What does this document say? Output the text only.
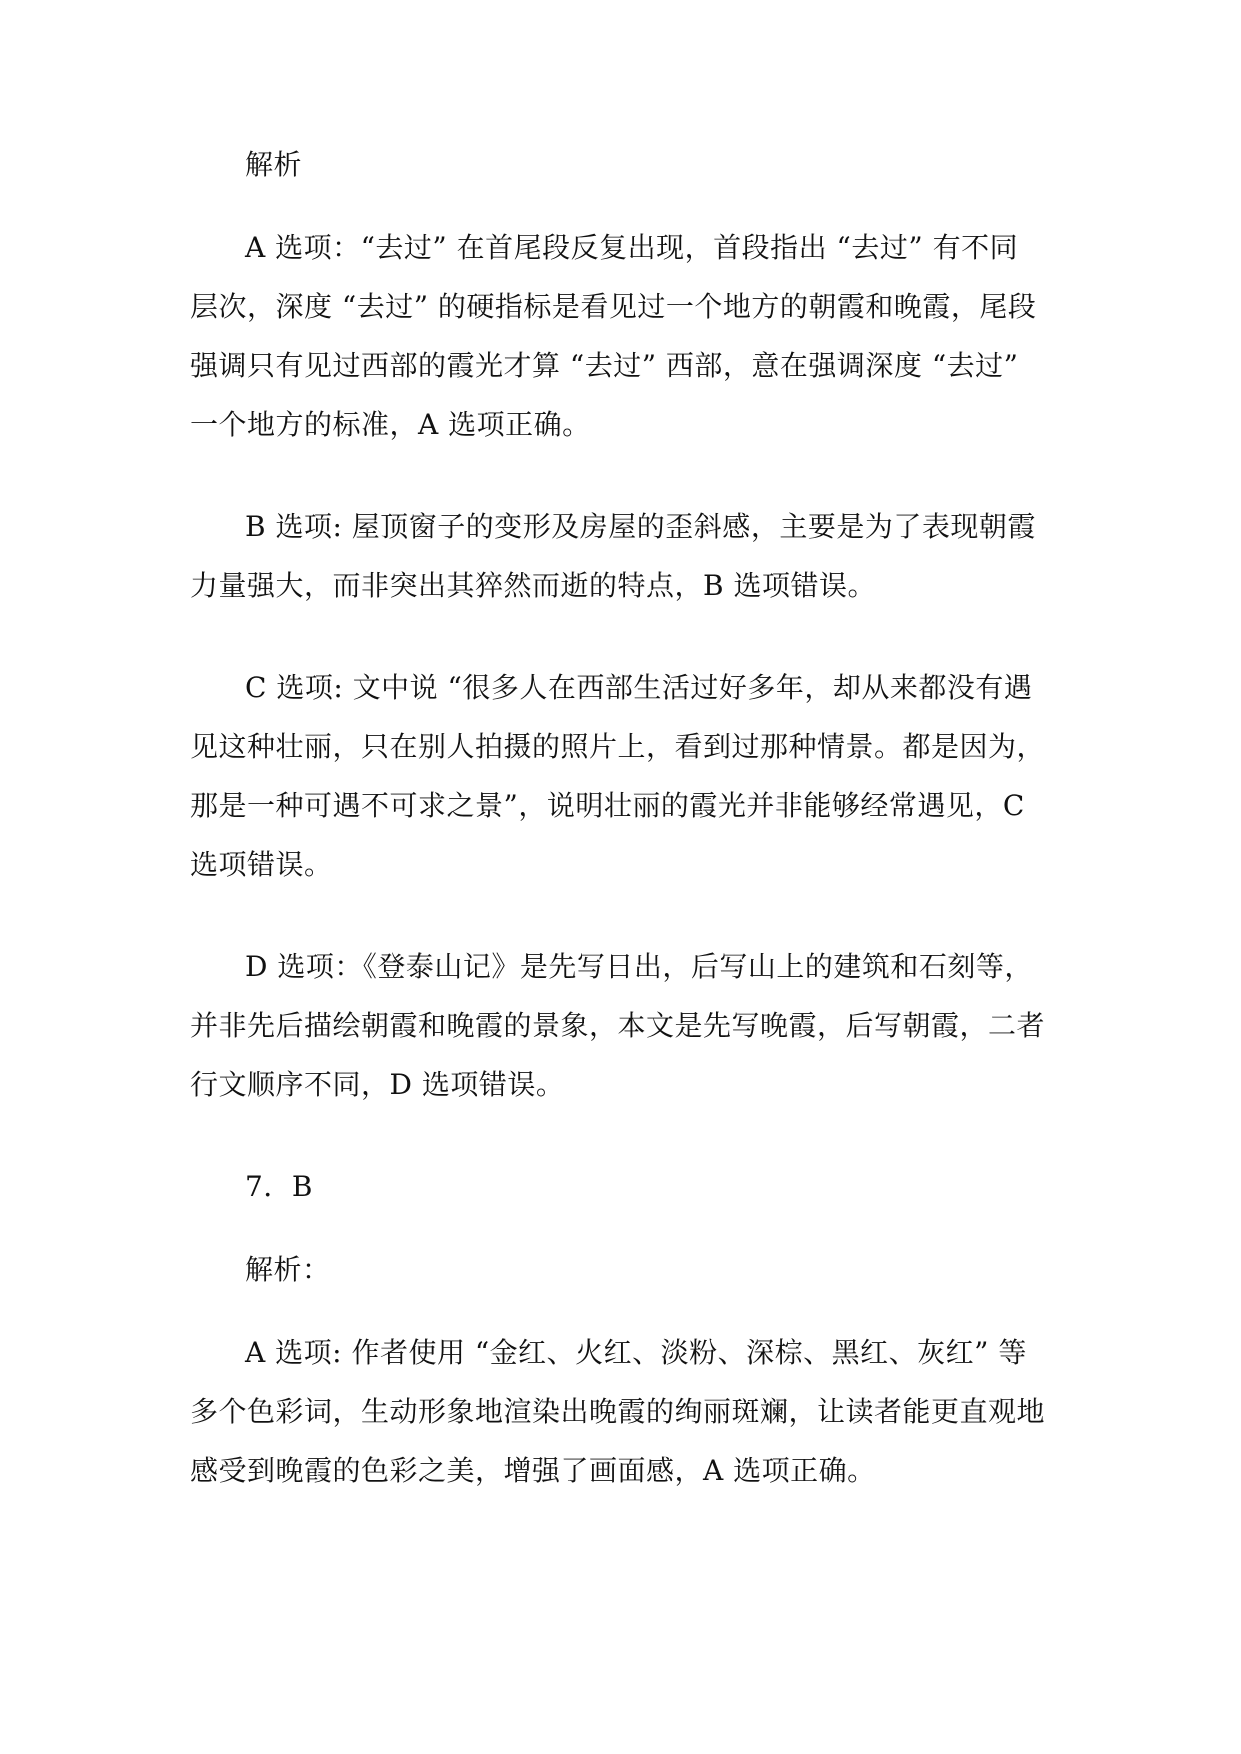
解析
A 选项：“去过” 在首尾段反复出现，首段指出 “去过” 有不同
层次，深度 “去过” 的硬指标是看见过一个地方的朝霞和晚霞，尾段
强调只有见过西部的霞光才算 “去过” 西部，意在强调深度 “去过”
一个地方的标准，A 选项正确。
B 选项: 屋顶窗子的变形及房屋的歪斜感，主要是为了表现朝霞
力量强大，而非突出其猝然而逝的特点，B 选项错误。
C 选项: 文中说 “很多人在西部生活过好多年，却从来都没有遇
见这种壮丽，只在别人拍摄的照片上，看到过那种情景。都是因为，
那是一种可遇不可求之景”，说明壮丽的霞光并非能够经常遇见，C
选项错误。
D 选项：《登泰山记》是先写日出，后写山上的建筑和石刻等，
并非先后描绘朝霞和晚霞的景象，本文是先写晚霞，后写朝霞，二者
行文顺序不同，D 选项错误。
7．B
解析：
A 选项: 作者使用 “金红、火红、淡粉、深棕、黑红、灰红” 等
多个色彩词，生动形象地渲染出晚霞的绚丽斑斓，让读者能更直观地
感受到晚霞的色彩之美，增强了画面感，A 选项正确。
